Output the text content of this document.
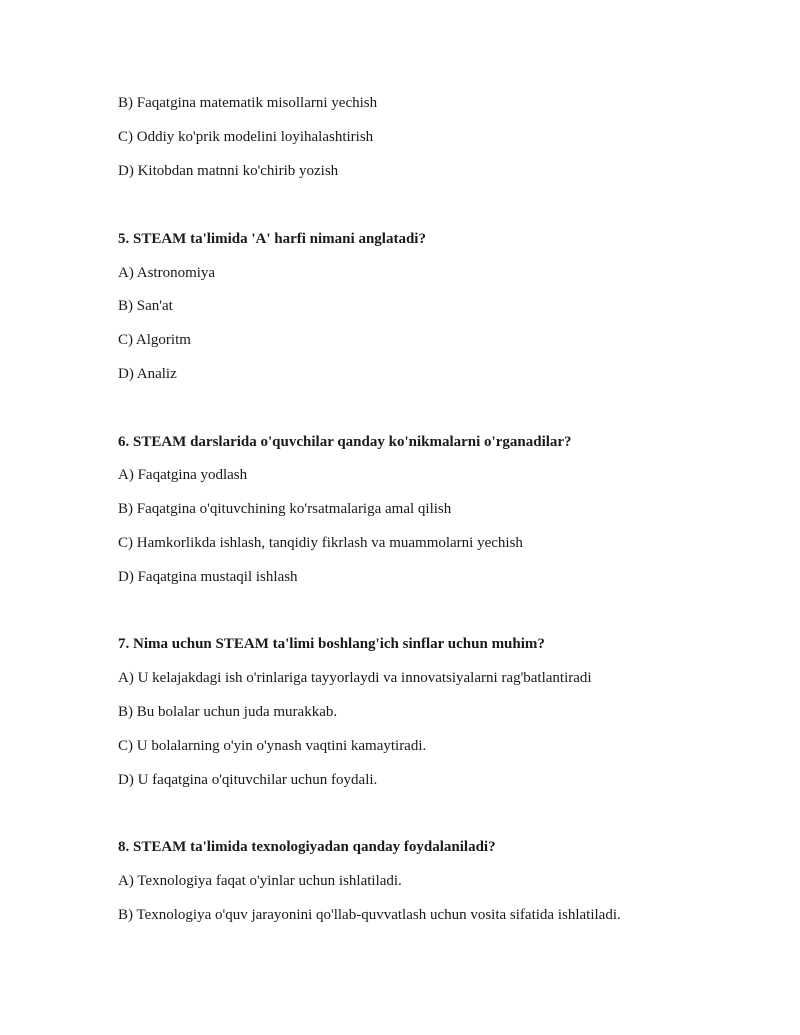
B) Faqatgina matematik misollarni yechish
C) Oddiy ko'prik modelini loyihalashtirish
D) Kitobdan matnni ko'chirib yozish
5. STEAM ta'limida 'A' harfi nimani anglatadi?
A) Astronomiya
B) San'at
C) Algoritm
D) Analiz
6. STEAM darslarida o'quvchilar qanday ko'nikmalarni o'rganadilar?
A) Faqatgina yodlash
B) Faqatgina o'qituvchining ko'rsatmalariga amal qilish
C) Hamkorlikda ishlash, tanqidiy fikrlash va muammolarni yechish
D) Faqatgina mustaqil ishlash
7. Nima uchun STEAM ta'limi boshlang'ich sinflar uchun muhim?
A) U kelajakdagi ish o'rinlariga tayyorlaydi va innovatsiyalarni rag'batlantiradi
B) Bu bolalar uchun juda murakkab.
C) U bolalarning o'yin o'ynash vaqtini kamaytiradi.
D) U faqatgina o'qituvchilar uchun foydali.
8. STEAM ta'limida texnologiyadan qanday foydalaniladi?
A) Texnologiya faqat o'yinlar uchun ishlatiladi.
B) Texnologiya o'quv jarayonini qo'llab-quvvatlash uchun vosita sifatida ishlatiladi.
